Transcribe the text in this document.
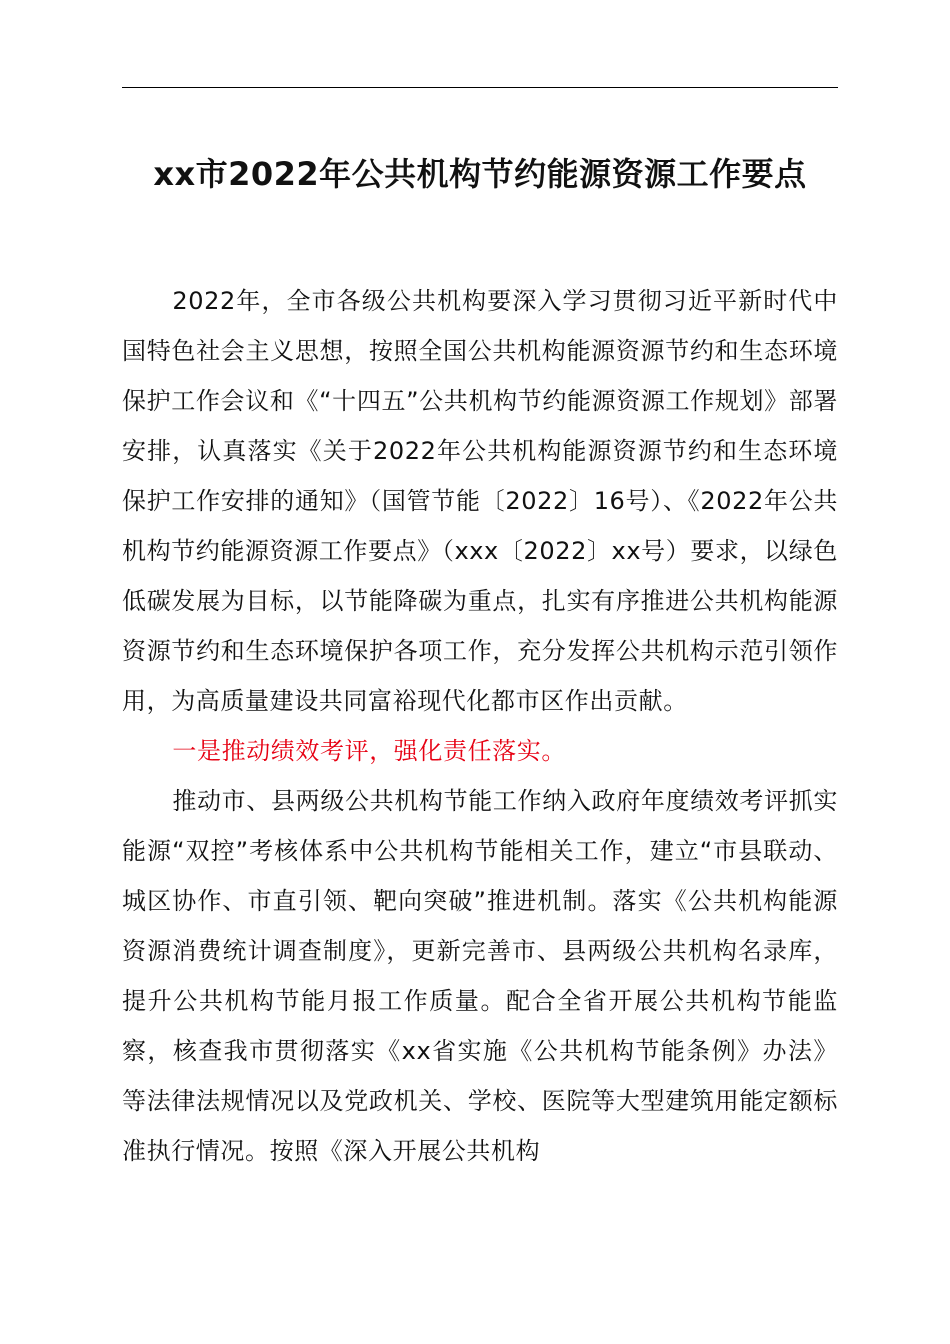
xx市2022年公共机构节约能源资源工作要点

2022年，全市各级公共机构要深入学习贯彻习近平新时代中国特色社会主义思想，按照全国公共机构能源资源节约和生态环境保护工作会议和《“十四五”公共机构节约能源资源工作规划》部署安排，认真落实《关于2022年公共机构能源资源节约和生态环境保护工作安排的通知》（国管节能〔2022〕16号）、《2022年公共机构节约能源资源工作要点》（xxx〔2022〕xx号）要求，以绿色低碳发展为目标，以节能降碳为重点，扎实有序推进公共机构能源资源节约和生态环境保护各项工作，充分发挥公共机构示范引领作用，为高质量建设共同富裕现代化都市区作出贡献。

一是推动绩效考评，强化责任落实。

推动市、县两级公共机构节能工作纳入政府年度绩效考评抓实能源“双控”考核体系中公共机构节能相关工作，建立“市县联动、城区协作、市直引领、靶向突破”推进机制。落实《公共机构能源资源消费统计调查制度》，更新完善市、县两级公共机构名录库，提升公共机构节能月报工作质量。配合全省开展公共机构节能监察，核查我市贯彻落实《xx省实施《公共机构节能条例》办法》等法律法规情况以及党政机关、学校、医院等大型建筑用能定额标准执行情况。按照《深入开展公共机构
